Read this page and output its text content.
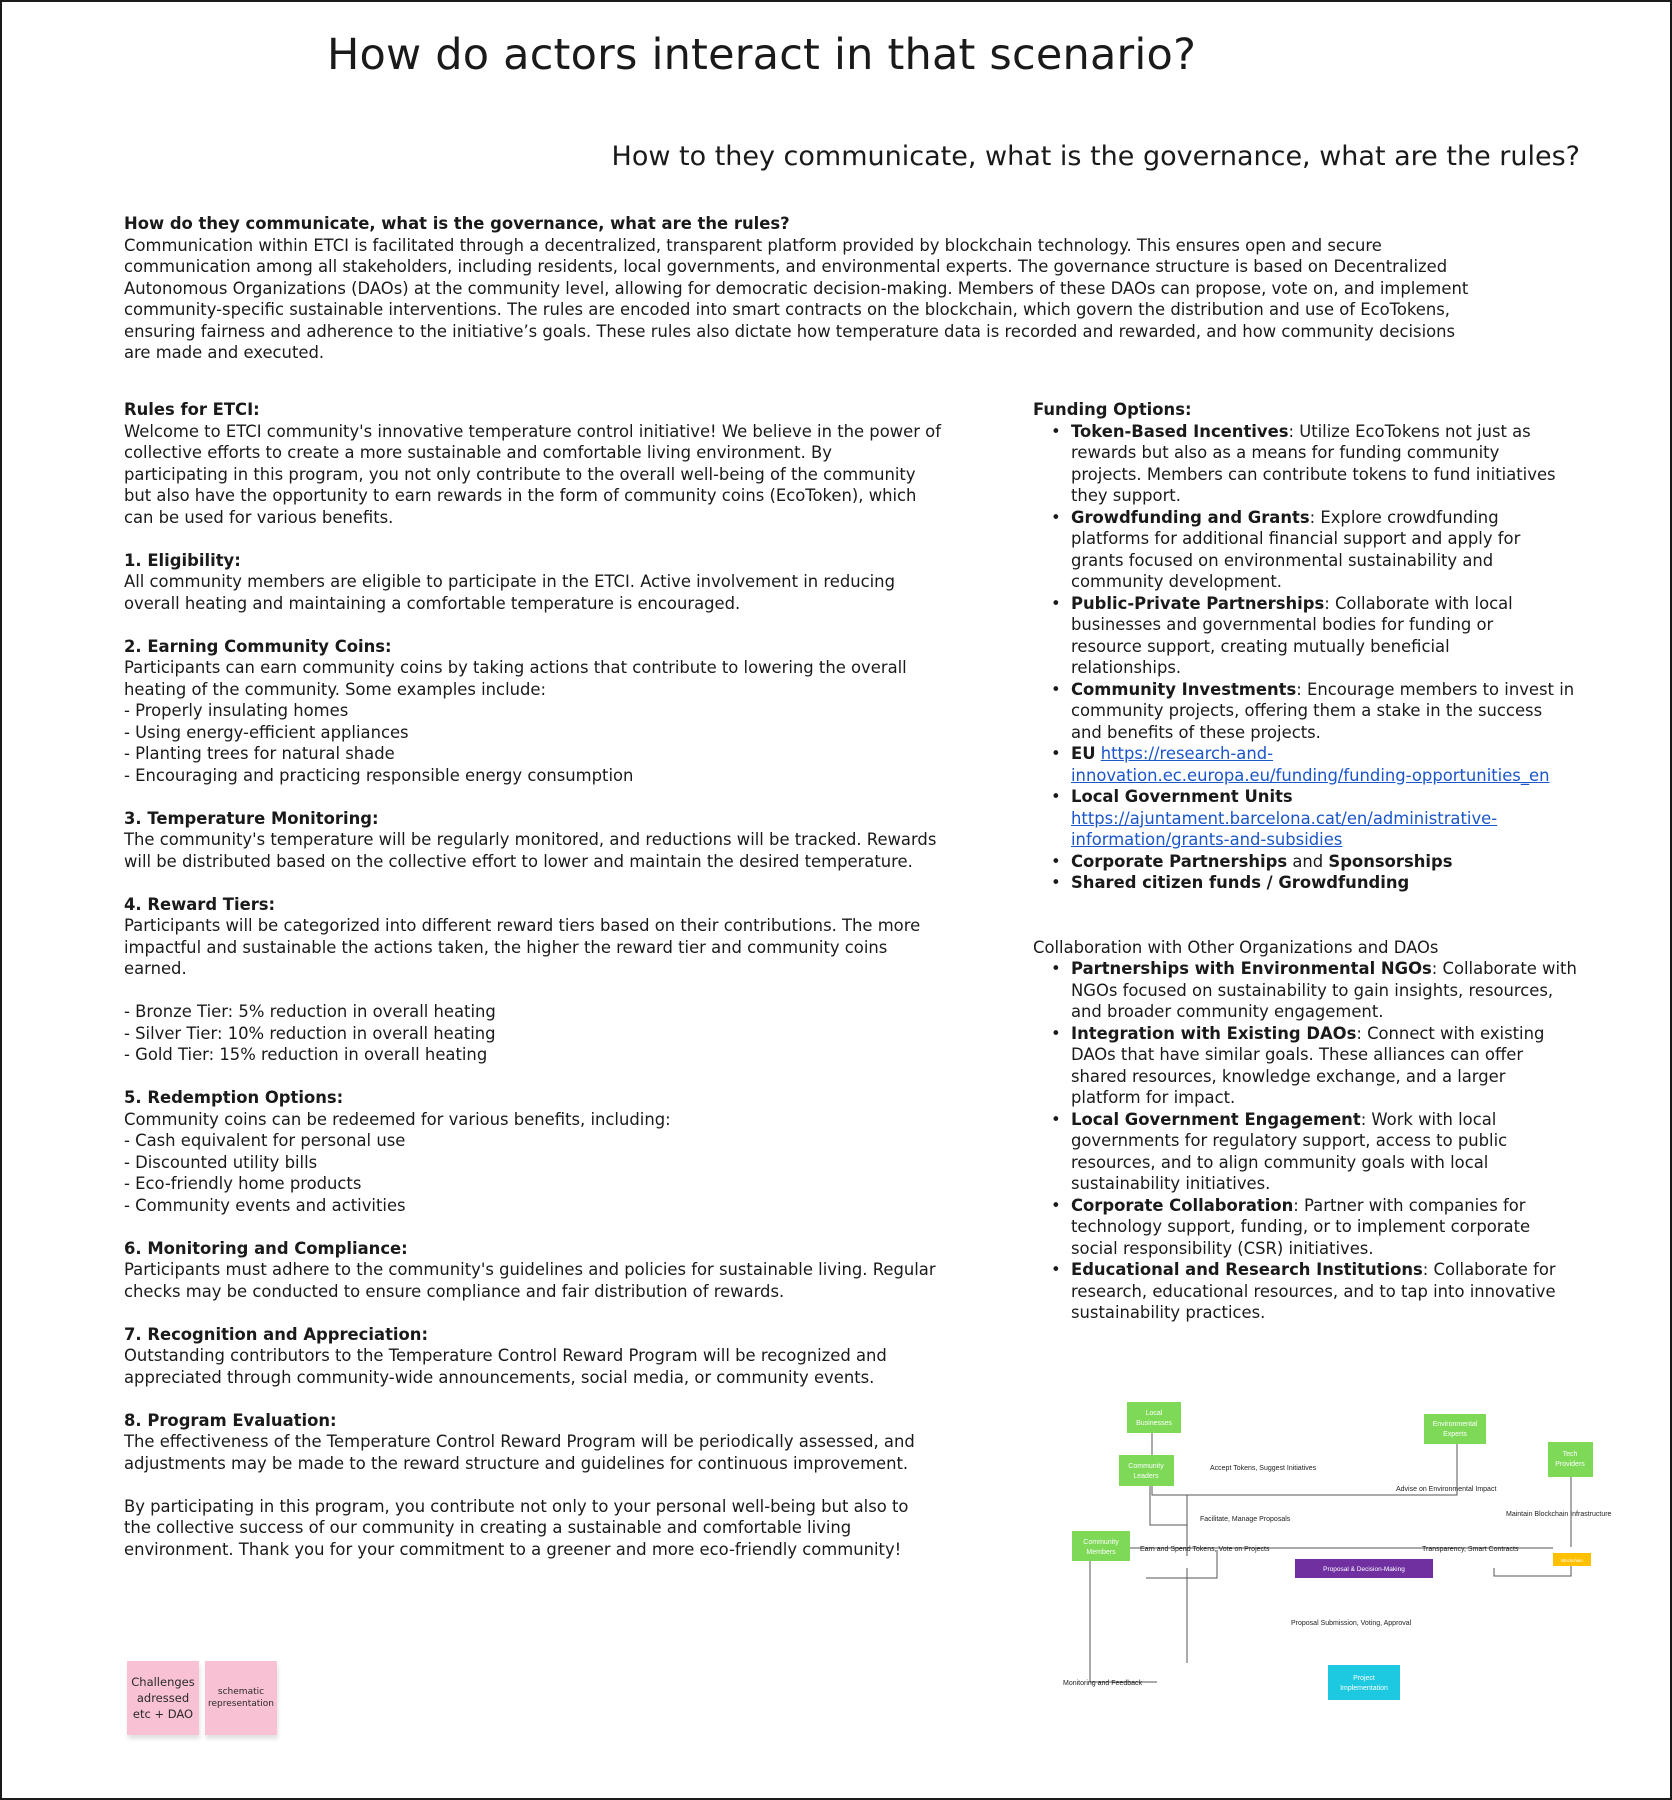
How do actors interact in that scenario?
How to they communicate, what is the governance, what are the rules?

How do they communicate, what is the governance, what are the rules?

Communication within ETCI is facilitated through a decentralized, transparent platform provided by blockchain technology. This ensures open and secure

communication among all stakeholders, including residents, local governments, and environmental experts. The governance structure is based on Decentralized

Autonomous Organizations (DAOs) at the community level, allowing for democratic decision-making. Members of these DAOs can propose, vote on, and implement

community-specific sustainable interventions. The rules are encoded into smart contracts on the blockchain, which govern the distribution and use of EcoTokens,

ensuring fairness and adherence to the initiative’s goals. These rules also dictate how temperature data is recorded and rewarded, and how community decisions

are made and executed.

Rules for ETCI:

Welcome to ETCI community's innovative temperature control initiative! We believe in the power of

collective efforts to create a more sustainable and comfortable living environment. By

participating in this program, you not only contribute to the overall well-being of the community

but also have the opportunity to earn rewards in the form of community coins (EcoToken), which

can be used for various benefits.

1. Eligibility:

All community members are eligible to participate in the ETCI. Active involvement in reducing

overall heating and maintaining a comfortable temperature is encouraged.

2. Earning Community Coins:

Participants can earn community coins by taking actions that contribute to lowering the overall

heating of the community. Some examples include:

- Properly insulating homes

- Using energy-efficient appliances

- Planting trees for natural shade

- Encouraging and practicing responsible energy consumption

3. Temperature Monitoring:

The community's temperature will be regularly monitored, and reductions will be tracked. Rewards

will be distributed based on the collective effort to lower and maintain the desired temperature.

4. Reward Tiers:

Participants will be categorized into different reward tiers based on their contributions. The more

impactful and sustainable the actions taken, the higher the reward tier and community coins

earned.

- Bronze Tier: 5% reduction in overall heating

- Silver Tier: 10% reduction in overall heating

- Gold Tier: 15% reduction in overall heating

5. Redemption Options:

Community coins can be redeemed for various benefits, including:

- Cash equivalent for personal use

- Discounted utility bills

- Eco-friendly home products

- Community events and activities

6. Monitoring and Compliance:

Participants must adhere to the community's guidelines and policies for sustainable living. Regular

checks may be conducted to ensure compliance and fair distribution of rewards.

7. Recognition and Appreciation:

Outstanding contributors to the Temperature Control Reward Program will be recognized and

appreciated through community-wide announcements, social media, or community events.

8. Program Evaluation:

The effectiveness of the Temperature Control Reward Program will be periodically assessed, and

adjustments may be made to the reward structure and guidelines for continuous improvement.

By participating in this program, you contribute not only to your personal well-being but also to

the collective success of our community in creating a sustainable and comfortable living

environment. Thank you for your commitment to a greener and more eco-friendly community!

Funding Options:

• Token-Based Incentives: Utilize EcoTokens not just as
rewards but also as a means for funding community
projects. Members can contribute tokens to fund initiatives
they support.
• Growdfunding and Grants: Explore crowdfunding
platforms for additional financial support and apply for
grants focused on environmental sustainability and
community development.
• Public-Private Partnerships: Collaborate with local
businesses and governmental bodies for funding or
resource support, creating mutually beneficial
relationships.
• Community Investments: Encourage members to invest in
community projects, offering them a stake in the success
and benefits of these projects.
• EU https://research-and-
innovation.ec.europa.eu/funding/funding-opportunities_en
• Local Government Units
https://ajuntament.barcelona.cat/en/administrative-
information/grants-and-subsidies
• Corporate Partnerships and Sponsorships
• Shared citizen funds / Growdfunding

Collaboration with Other Organizations and DAOs

• Partnerships with Environmental NGOs: Collaborate with
NGOs focused on sustainability to gain insights, resources,
and broader community engagement.
• Integration with Existing DAOs: Connect with existing
DAOs that have similar goals. These alliances can offer
shared resources, knowledge exchange, and a larger
platform for impact.
• Local Government Engagement: Work with local
governments for regulatory support, access to public
resources, and to align community goals with local
sustainability initiatives.
• Corporate Collaboration: Partner with companies for
technology support, funding, or to implement corporate
social responsibility (CSR) initiatives.
• Educational and Research Institutions: Collaborate for
research, educational resources, and to tap into innovative
sustainability practices.
Local
Businesses	Environmental
Experts
Community
Leaders
Tech
Providers
Community
Members
Proposal & Decision-Making
Blockchain
Project
Implementation
Accept Tokens, Suggest Initiatives
Advise on Environmental Impact
Maintain Blockchain Infrastructure
Facilitate, Manage Proposals
Earn and Spend Tokens, Vote on Projects	Transparency, Smart Contracts
Proposal Submission, Voting, Approval
Monitoring and Feedback
Challenges
adressed
etc + DAO
schematic
representation
